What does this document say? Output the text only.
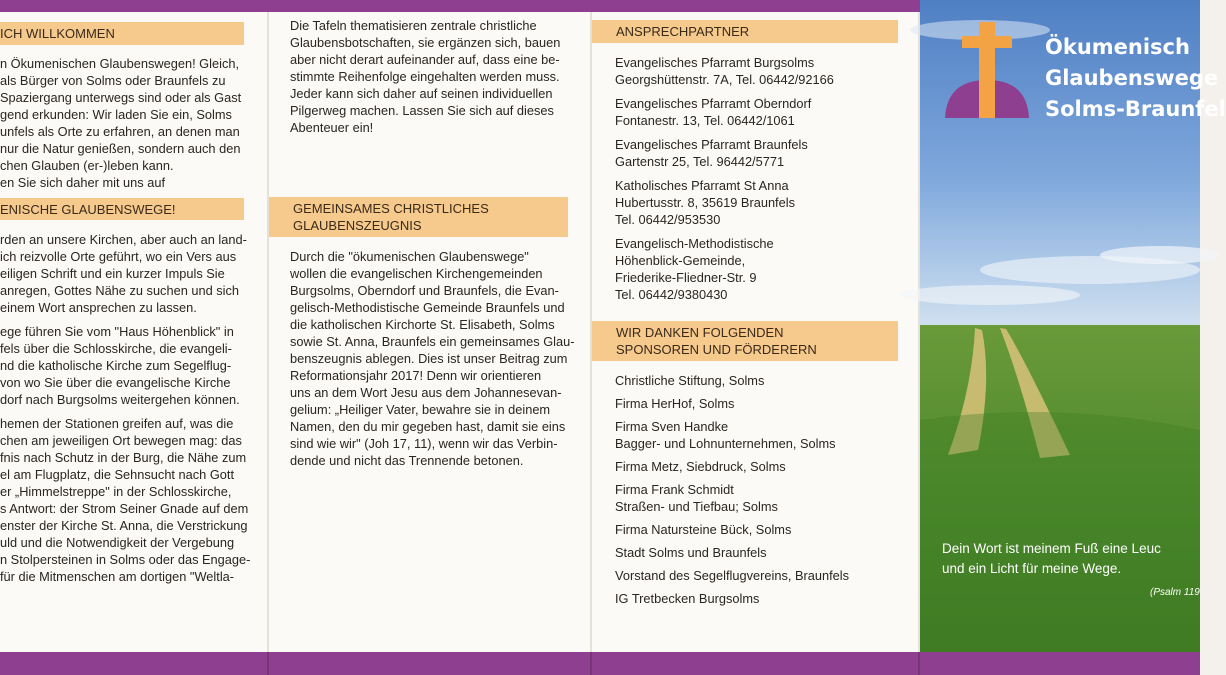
ICH WILLKOMMEN
n Ökumenischen Glaubenswegen! Gleich,
als Bürger von Solms oder Braunfels zu
Spaziergang unterwegs sind oder als Gast
gend erkunden: Wir laden Sie ein, Solms
unfels als Orte zu erfahren, an denen man
nur die Natur genießen, sondern auch den
chen Glauben (er-)leben kann.
en Sie sich daher mit uns auf
ENISCHE GLAUBENSWEGE!
rden an unsere Kirchen, aber auch an land-
ich reizvolle Orte geführt, wo ein Vers aus
eiligen Schrift und ein kurzer Impuls Sie
anregen, Gottes Nähe zu suchen und sich
einem Wort ansprechen zu lassen.
ege führen Sie vom "Haus Höhenblick" in
fels über die Schlosskirche, die evangeli-
nd die katholische Kirche zum Segelflug-
von wo Sie über die evangelische Kirche
dorf nach Burgsolms weitergehen können.
hemen der Stationen greifen auf, was die
chen am jeweiligen Ort bewegen mag: das
fnis nach Schutz in der Burg, die Nähe zum
el am Flugplatz, die Sehnsucht nach Gott
er „Himmelstreppe" in der Schlosskirche,
s Antwort: der Strom Seiner Gnade auf dem
enster der Kirche St. Anna, die Verstrickung
uld und die Notwendigkeit der Vergebung
n Stolpersteinen in Solms oder das Engage-
für die Mitmenschen am dortigen "Weltla-
Die Tafeln thematisieren zentrale christliche
Glaubensbotschaften, sie ergänzen sich, bauen
aber nicht derart aufeinander auf, dass eine be-
stimmte Reihenfolge eingehalten werden muss.
Jeder kann sich daher auf seinen individuellen
Pilgerweg machen. Lassen Sie sich auf dieses
Abenteuer ein!
GEMEINSAMES CHRISTLICHES
GLAUBENSZEUGNIS
Durch die "ökumenischen Glaubenswege"
wollen die evangelischen Kirchengemeinden
Burgsolms, Oberndorf und Braunfels, die Evan-
gelisch-Methodistische Gemeinde Braunfels und
die katholischen Kirchorte St. Elisabeth, Solms
sowie St. Anna, Braunfels ein gemeinsames Glau-
benszeugnis ablegen. Dies ist unser Beitrag zum
Reformationsjahr 2017! Denn wir orientieren
uns an dem Wort Jesu aus dem Johannesevan-
gelium: „Heiliger Vater, bewahre sie in deinem
Namen, den du mir gegeben hast, damit sie eins
sind wie wir" (Joh 17, 11), wenn wir das Verbin-
dende und nicht das Trennende betonen.
ANSPRECHPARTNER
Evangelisches Pfarramt Burgsolms
Georgshüttenstr. 7A, Tel. 06442/92166
Evangelisches Pfarramt Oberndorf
Fontanestr. 13, Tel. 06442/1061
Evangelisches Pfarramt Braunfels
Gartenstr 25, Tel. 96442/5771
Katholisches Pfarramt St Anna
Hubertusstr. 8, 35619 Braunfels
Tel. 06442/953530
Evangelisch-Methodistische
Höhenblick-Gemeinde,
Friederike-Fliedner-Str. 9
Tel. 06442/9380430
WIR DANKEN FOLGENDEN
SPONSOREN UND FÖRDERERN
Christliche Stiftung, Solms
Firma HerHof, Solms
Firma Sven Handke
Bagger- und Lohnunternehmen, Solms
Firma Metz, Siebdruck, Solms
Firma Frank Schmidt
Straßen- und Tiefbau; Solms
Firma Natursteine Bück, Solms
Stadt Solms und Braunfels
Vorstand des Segelflugvereins, Braunfels
IG Tretbecken Burgsolms
Ökumenisch
Glaubenswege
Solms-Braunfel
Dein Wort ist meinem Fuß eine Leuc
und ein Licht für meine Wege.
(Psalm 119
